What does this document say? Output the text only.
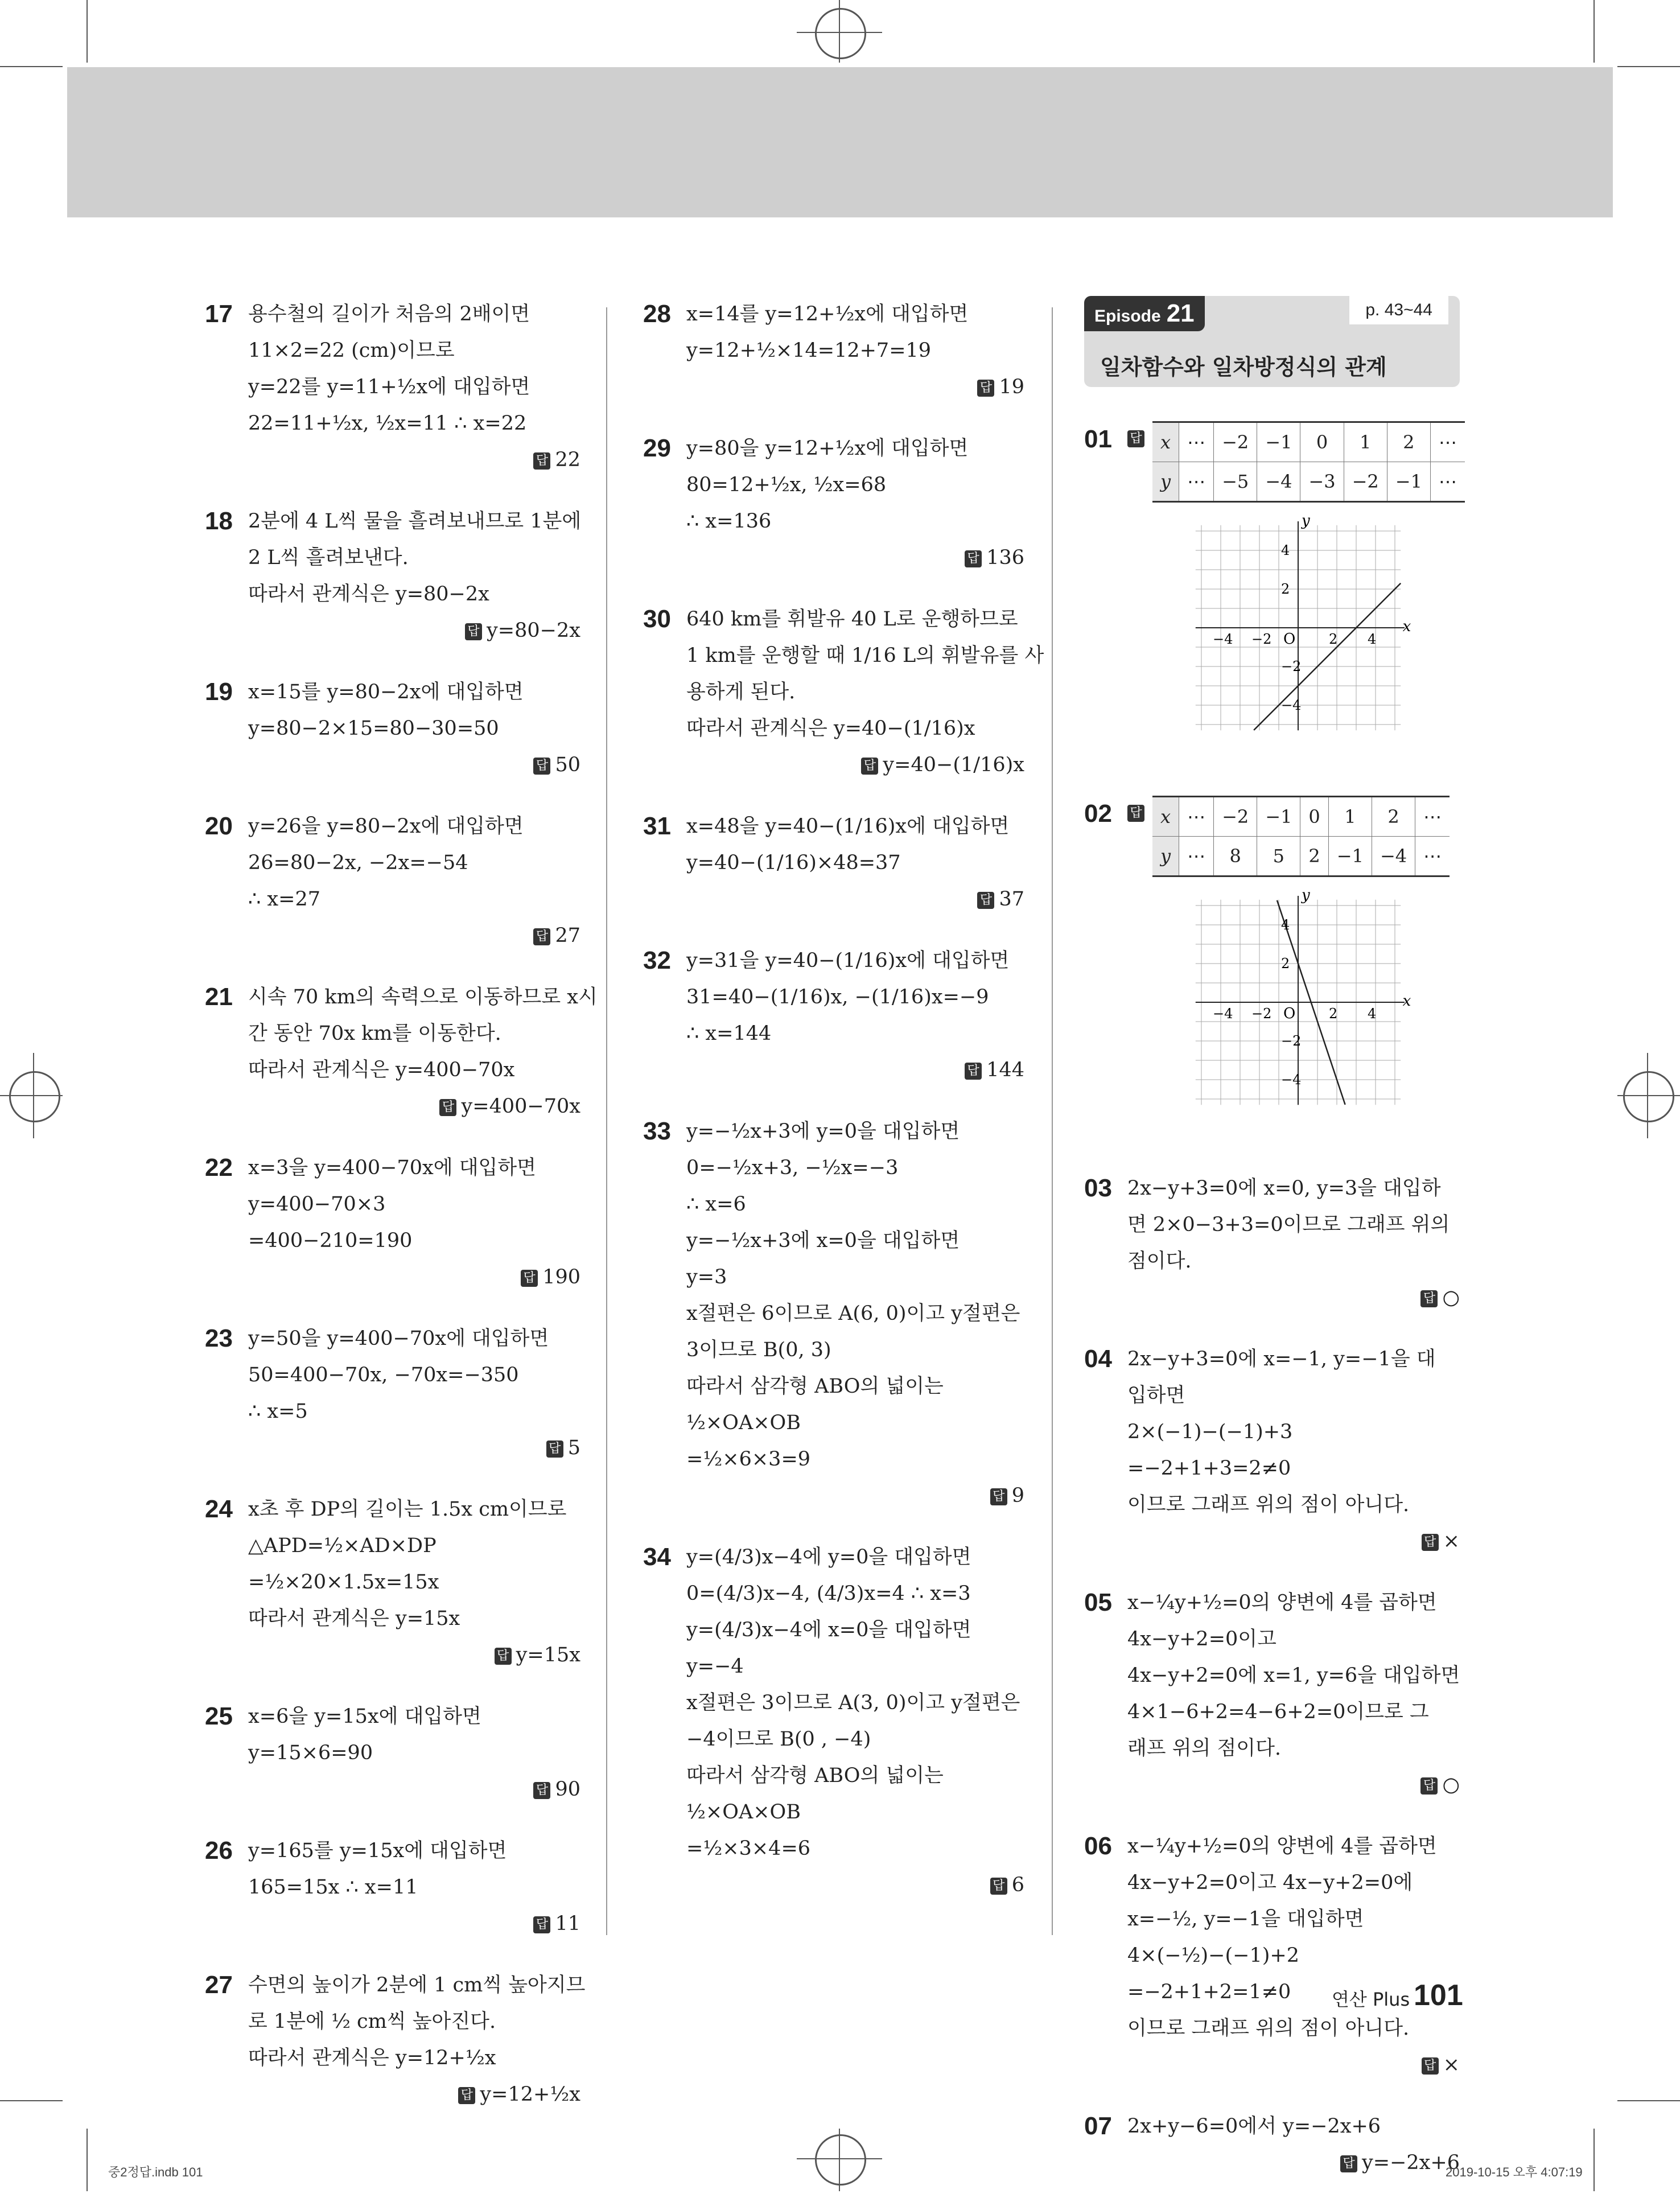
17 용수철의 길이가 처음의 2배이면
11×2=22 (cm)이므로
y=22를 y=11+½x에 대입하면
22=11+½x, ½x=11 ∴ x=22
답 22
18 2분에 4 L씩 물을 흘려보내므로 1분에
2 L씩 흘려보낸다.
따라서 관계식은 y=80−2x
답 y=80−2x
19 x=15를 y=80−2x에 대입하면
y=80−2×15=80−30=50
답 50
20 y=26을 y=80−2x에 대입하면
26=80−2x, −2x=−54
∴ x=27
답 27
21 시속 70 km의 속력으로 이동하므로 x시
간 동안 70x km를 이동한다.
따라서 관계식은 y=400−70x
답 y=400−70x
22 x=3을 y=400−70x에 대입하면
y=400−70×3
=400−210=190
답 190
23 y=50을 y=400−70x에 대입하면
50=400−70x, −70x=−350
∴ x=5
답 5
24 x초 후 DP의 길이는 1.5x cm이므로
△APD=½×AD×DP
=½×20×1.5x=15x
따라서 관계식은 y=15x
답 y=15x
25 x=6을 y=15x에 대입하면
y=15×6=90
답 90
26 y=165를 y=15x에 대입하면
165=15x ∴ x=11
답 11
27 수면의 높이가 2분에 1 cm씩 높아지므
로 1분에 ½ cm씩 높아진다.
따라서 관계식은 y=12+½x
답 y=12+½x
28 x=14를 y=12+½x에 대입하면
y=12+½×14=12+7=19
답 19
29 y=80을 y=12+½x에 대입하면
80=12+½x, ½x=68
∴ x=136
답 136
30 640 km를 휘발유 40 L로 운행하므로
1 km를 운행할 때 1/16 L의 휘발유를 사
용하게 된다.
따라서 관계식은 y=40−(1/16)x
답 y=40−(1/16)x
31 x=48을 y=40−(1/16)x에 대입하면
y=40−(1/16)×48=37
답 37
32 y=31을 y=40−(1/16)x에 대입하면
31=40−(1/16)x, −(1/16)x=−9
∴ x=144
답 144
33 y=−½x+3에 y=0을 대입하면
0=−½x+3, −½x=−3
∴ x=6
y=−½x+3에 x=0을 대입하면
y=3
x절편은 6이므로 A(6, 0)이고 y절편은
3이므로 B(0, 3)
따라서 삼각형 ABO의 넓이는
½×OA×OB
=½×6×3=9
답 9
34 y=(4/3)x−4에 y=0을 대입하면
0=(4/3)x−4, (4/3)x=4 ∴ x=3
y=(4/3)x−4에 x=0을 대입하면
y=−4
x절편은 3이므로 A(3, 0)이고 y절편은
−4이므로 B(0 , −4)
따라서 삼각형 ABO의 넓이는
½×OA×OB
=½×3×4=6
답 6
Episode 21	p. 43~44
일차함수와 일차방정식의 관계
01 답 x	⋯	−2	−1	0	1	2	⋯
y	⋯	−5	−4	−3	−2	−1	⋯
x
y
O
−4 −2	2 4
4
2
−2
−4
02 답 x	⋯	−2	−1	0	1	2	⋯
y	⋯	8	5	2	−1	−4	⋯
x
y
O
−4 −2	2 4
4
2
−2
−4
03 2x−y+3=0에 x=0, y=3을 대입하
면 2×0−3+3=0이므로 그래프 위의
점이다.
답 ○
04 2x−y+3=0에 x=−1, y=−1을 대
입하면
2×(−1)−(−1)+3
=−2+1+3=2≠0
이므로 그래프 위의 점이 아니다.
답 ×
05 x−¼y+½=0의 양변에 4를 곱하면
4x−y+2=0이고
4x−y+2=0에 x=1, y=6을 대입하면
4×1−6+2=4−6+2=0이므로 그
래프 위의 점이다.
답 ○
06 x−¼y+½=0의 양변에 4를 곱하면
4x−y+2=0이고 4x−y+2=0에
x=−½, y=−1을 대입하면
4×(−½)−(−1)+2
=−2+1+2=1≠0
이므로 그래프 위의 점이 아니다.
답 ×
07 2x+y−6=0에서 y=−2x+6
답 y=−2x+6
연산 Plus 101
중2정답.indb 101	2019-10-15 오후 4:07:19
